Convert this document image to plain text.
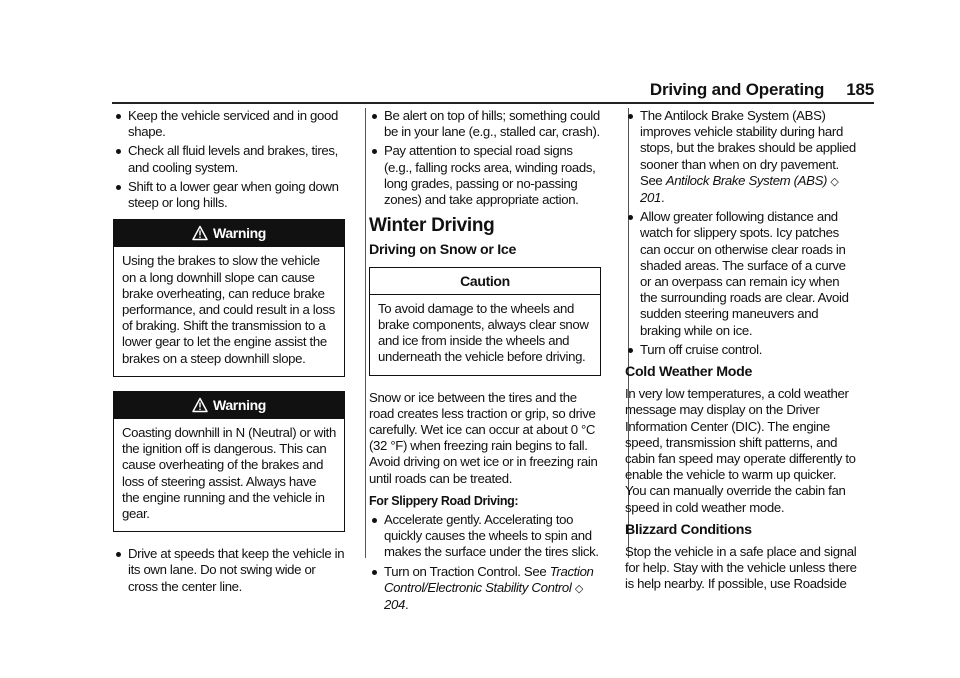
Driving and Operating 185
Keep the vehicle serviced and in good shape.
Check all fluid levels and brakes, tires, and cooling system.
Shift to a lower gear when going down steep or long hills.
Warning
Using the brakes to slow the vehicle on a long downhill slope can cause brake overheating, can reduce brake performance, and could result in a loss of braking. Shift the transmission to a lower gear to let the engine assist the brakes on a steep downhill slope.
Warning
Coasting downhill in N (Neutral) or with the ignition off is dangerous. This can cause overheating of the brakes and loss of steering assist. Always have the engine running and the vehicle in gear.
Drive at speeds that keep the vehicle in its own lane. Do not swing wide or cross the center line.
Be alert on top of hills; something could be in your lane (e.g., stalled car, crash).
Pay attention to special road signs (e.g., falling rocks area, winding roads, long grades, passing or no-passing zones) and take appropriate action.
Winter Driving
Driving on Snow or Ice
Caution
To avoid damage to the wheels and brake components, always clear snow and ice from inside the wheels and underneath the vehicle before driving.

Snow or ice between the tires and the road creates less traction or grip, so drive carefully. Wet ice can occur at about 0 °C (32 °F) when freezing rain begins to fall. Avoid driving on wet ice or in freezing rain until roads can be treated.

For Slippery Road Driving:
Accelerate gently. Accelerating too quickly causes the wheels to spin and makes the surface under the tires slick.
Turn on Traction Control. See Traction Control/Electronic Stability Control ◇ 204.
The Antilock Brake System (ABS) improves vehicle stability during hard stops, but the brakes should be applied sooner than when on dry pavement. See Antilock Brake System (ABS) ◇ 201.
Allow greater following distance and watch for slippery spots. Icy patches can occur on otherwise clear roads in shaded areas. The surface of a curve or an overpass can remain icy when the surrounding roads are clear. Avoid sudden steering maneuvers and braking while on ice.
Turn off cruise control.
Cold Weather Mode

In very low temperatures, a cold weather message may display on the Driver Information Center (DIC). The engine speed, transmission shift patterns, and cabin fan speed may operate differently to enable the vehicle to warm up quicker. You can manually override the cabin fan speed in cold weather mode.

Blizzard Conditions

Stop the vehicle in a safe place and signal for help. Stay with the vehicle unless there is help nearby. If possible, use Roadside
